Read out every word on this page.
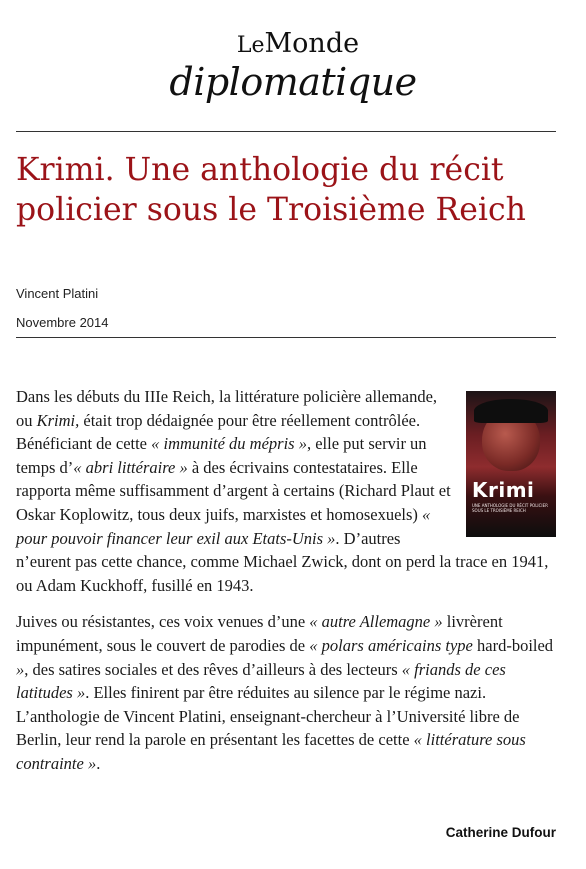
LeMonde
diplomatique
Krimi. Une anthologie du récit policier sous le Troisième Reich
Vincent Platini
Novembre 2014
Krimi
UNE ANTHOLOGIE DU RÉCIT POLICIER SOUS LE TROISIÈME REICH

Dans les débuts du IIIe Reich, la littérature policière allemande, ou Krimi, était trop dédaignée pour être réellement contrôlée. Bénéficiant de cette « immunité du mépris », elle put servir un temps d’« abri littéraire » à des écrivains contestataires. Elle rapporta même suffisamment d’argent à certains (Richard Plaut et Oskar Koplowitz, tous deux juifs, marxistes et homosexuels) « pour pouvoir financer leur exil aux Etats-Unis ». D’autres n’eurent pas cette chance, comme Michael Zwick, dont on perd la trace en 1941, ou Adam Kuckhoff, fusillé en 1943.

Juives ou résistantes, ces voix venues d’une « autre Allemagne » livrèrent impunément, sous le couvert de parodies de « polars américains type hard-boiled », des satires sociales et des rêves d’ailleurs à des lecteurs « friands de ces latitudes ». Elles finirent par être réduites au silence par le régime nazi. L’anthologie de Vincent Platini, enseignant-chercheur à l’Université libre de Berlin, leur rend la parole en présentant les facettes de cette « littérature sous contrainte ».

Catherine Dufour
